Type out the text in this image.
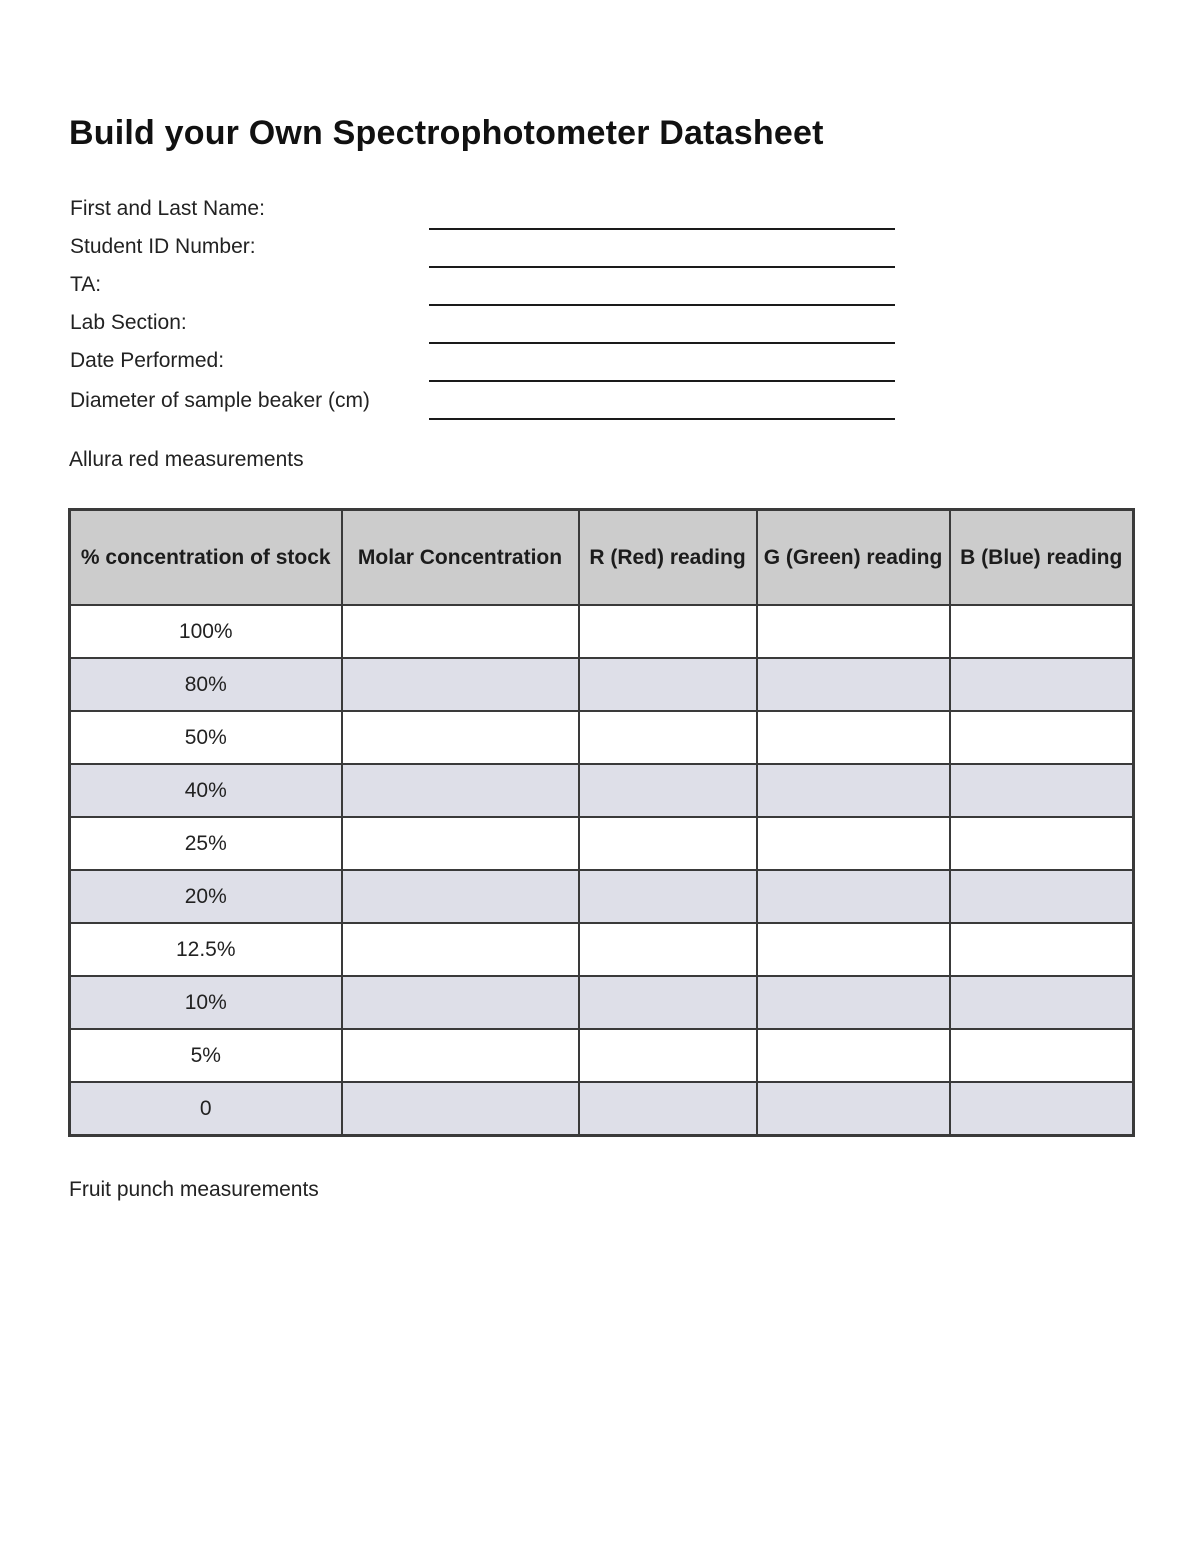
Build your Own Spectrophotometer Datasheet
First and Last Name:
Student ID Number:
TA:
Lab Section:
Date Performed:
Diameter of sample beaker (cm)

Allura red measurements

% concentration of stock	Molar Concentration	R (Red) reading	G (Green) reading	B (Blue) reading
100%				
80%				
50%				
40%				
25%				
20%				
12.5%				
10%				
5%				
0				

Fruit punch measurements
